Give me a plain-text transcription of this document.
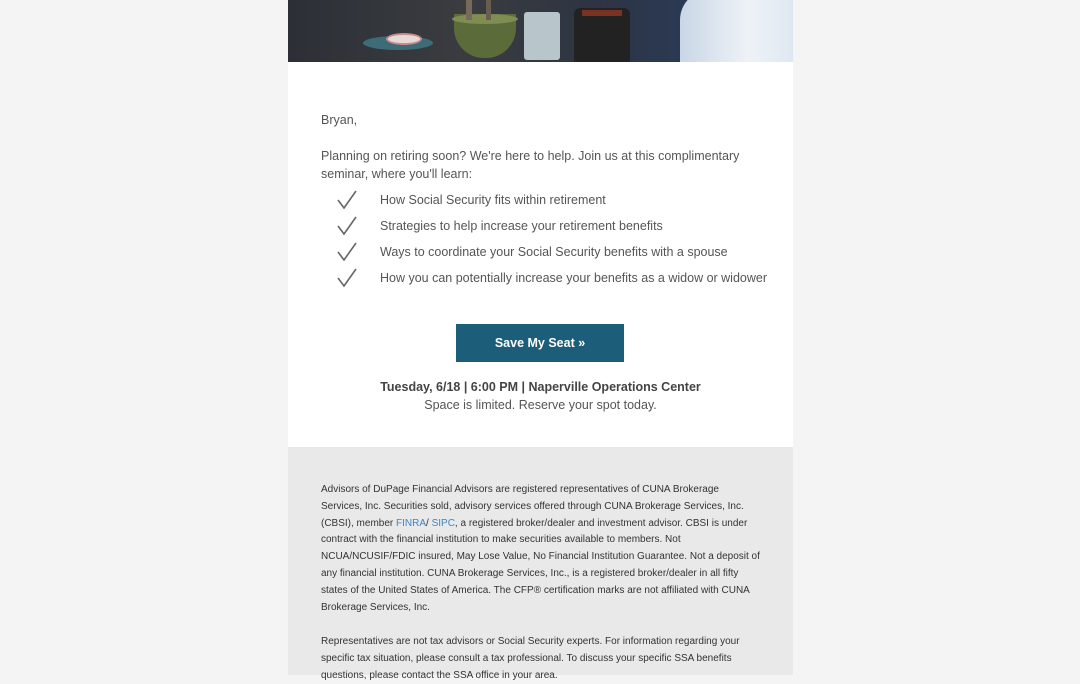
Bryan,
Planning on retiring soon? We're here to help. Join us at this complimentary seminar, where you'll learn:
How Social Security fits within retirement
Strategies to help increase your retirement benefits
Ways to coordinate your Social Security benefits with a spouse
How you can potentially increase your benefits as a widow or widower
Save My Seat »
Tuesday, 6/18 | 6:00 PM | Naperville Operations Center
Space is limited. Reserve your spot today.

Advisors of DuPage Financial Advisors are registered representatives of CUNA Brokerage Services, Inc. Securities sold, advisory services offered through CUNA Brokerage Services, Inc. (CBSI), member FINRA/ SIPC, a registered broker/dealer and investment advisor. CBSI is under contract with the financial institution to make securities available to members. Not NCUA/NCUSIF/FDIC insured, May Lose Value, No Financial Institution Guarantee. Not a deposit of any financial institution. CUNA Brokerage Services, Inc., is a registered broker/dealer in all fifty states of the United States of America. The CFP® certification marks are not affiliated with CUNA Brokerage Services, Inc.

Representatives are not tax advisors or Social Security experts. For information regarding your specific tax situation, please consult a tax professional. To discuss your specific SSA benefits questions, please contact the SSA office in your area.
